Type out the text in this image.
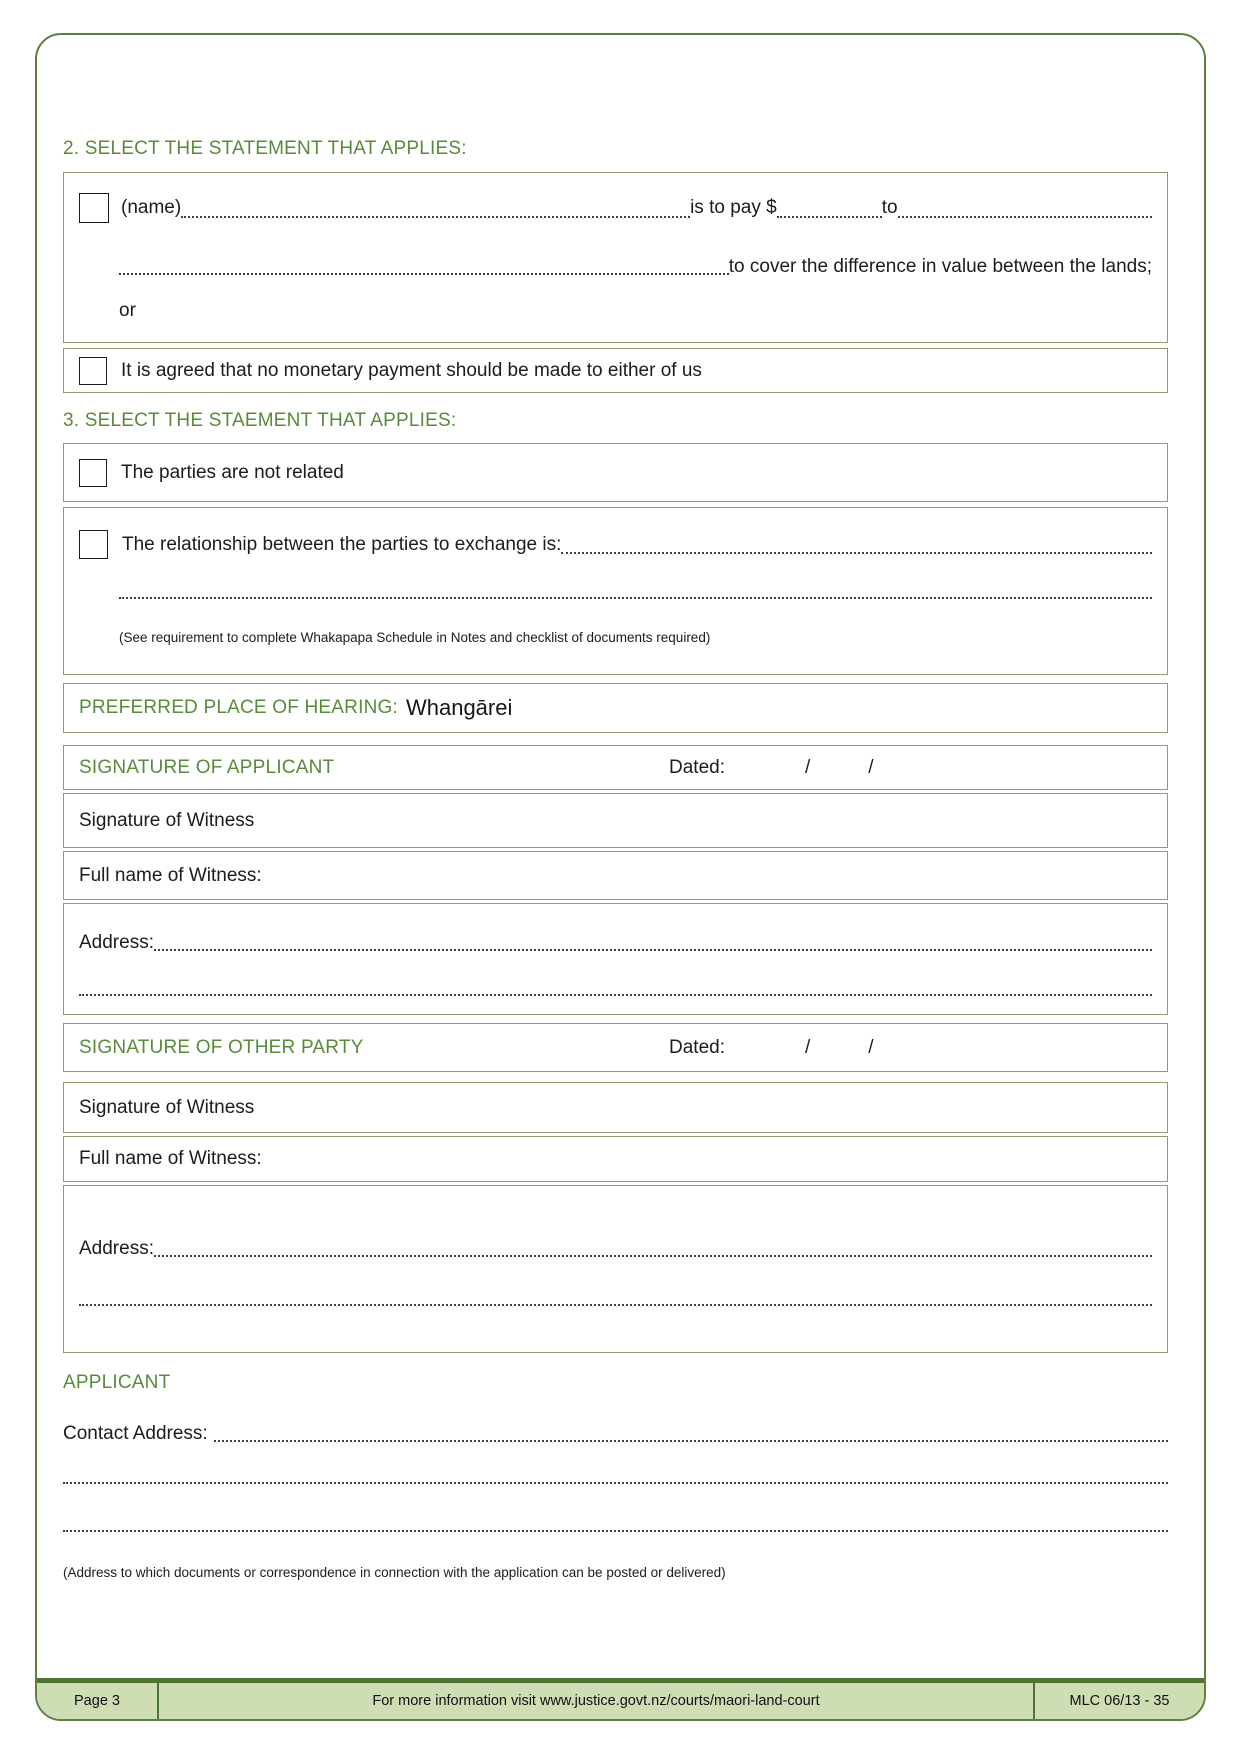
Page 3	For more information visit www.justice.govt.nz/courts/maori-land-court	MLC 06/13 - 35
2. SELECT THE STATEMENT THAT APPLIES:
(name)	is to pay $	to
to cover the difference in value between the lands;
or
It is agreed that no monetary payment should be made to either of us
3. SELECT THE STAEMENT THAT APPLIES:
The parties are not related
The relationship between the parties to exchange is:
(See requirement to complete Whakapapa Schedule in Notes and checklist of documents required)
PREFERRED PLACE OF HEARING: Whangārei
SIGNATURE OF APPLICANT	Dated:	/	/
Signature of Witness
Full name of Witness:
Address:
SIGNATURE OF OTHER PARTY	Dated:	/	/
Signature of Witness
Full name of Witness:
Address:
APPLICANT
Contact Address:
(Address to which documents or correspondence in connection with the application can be posted or delivered)
